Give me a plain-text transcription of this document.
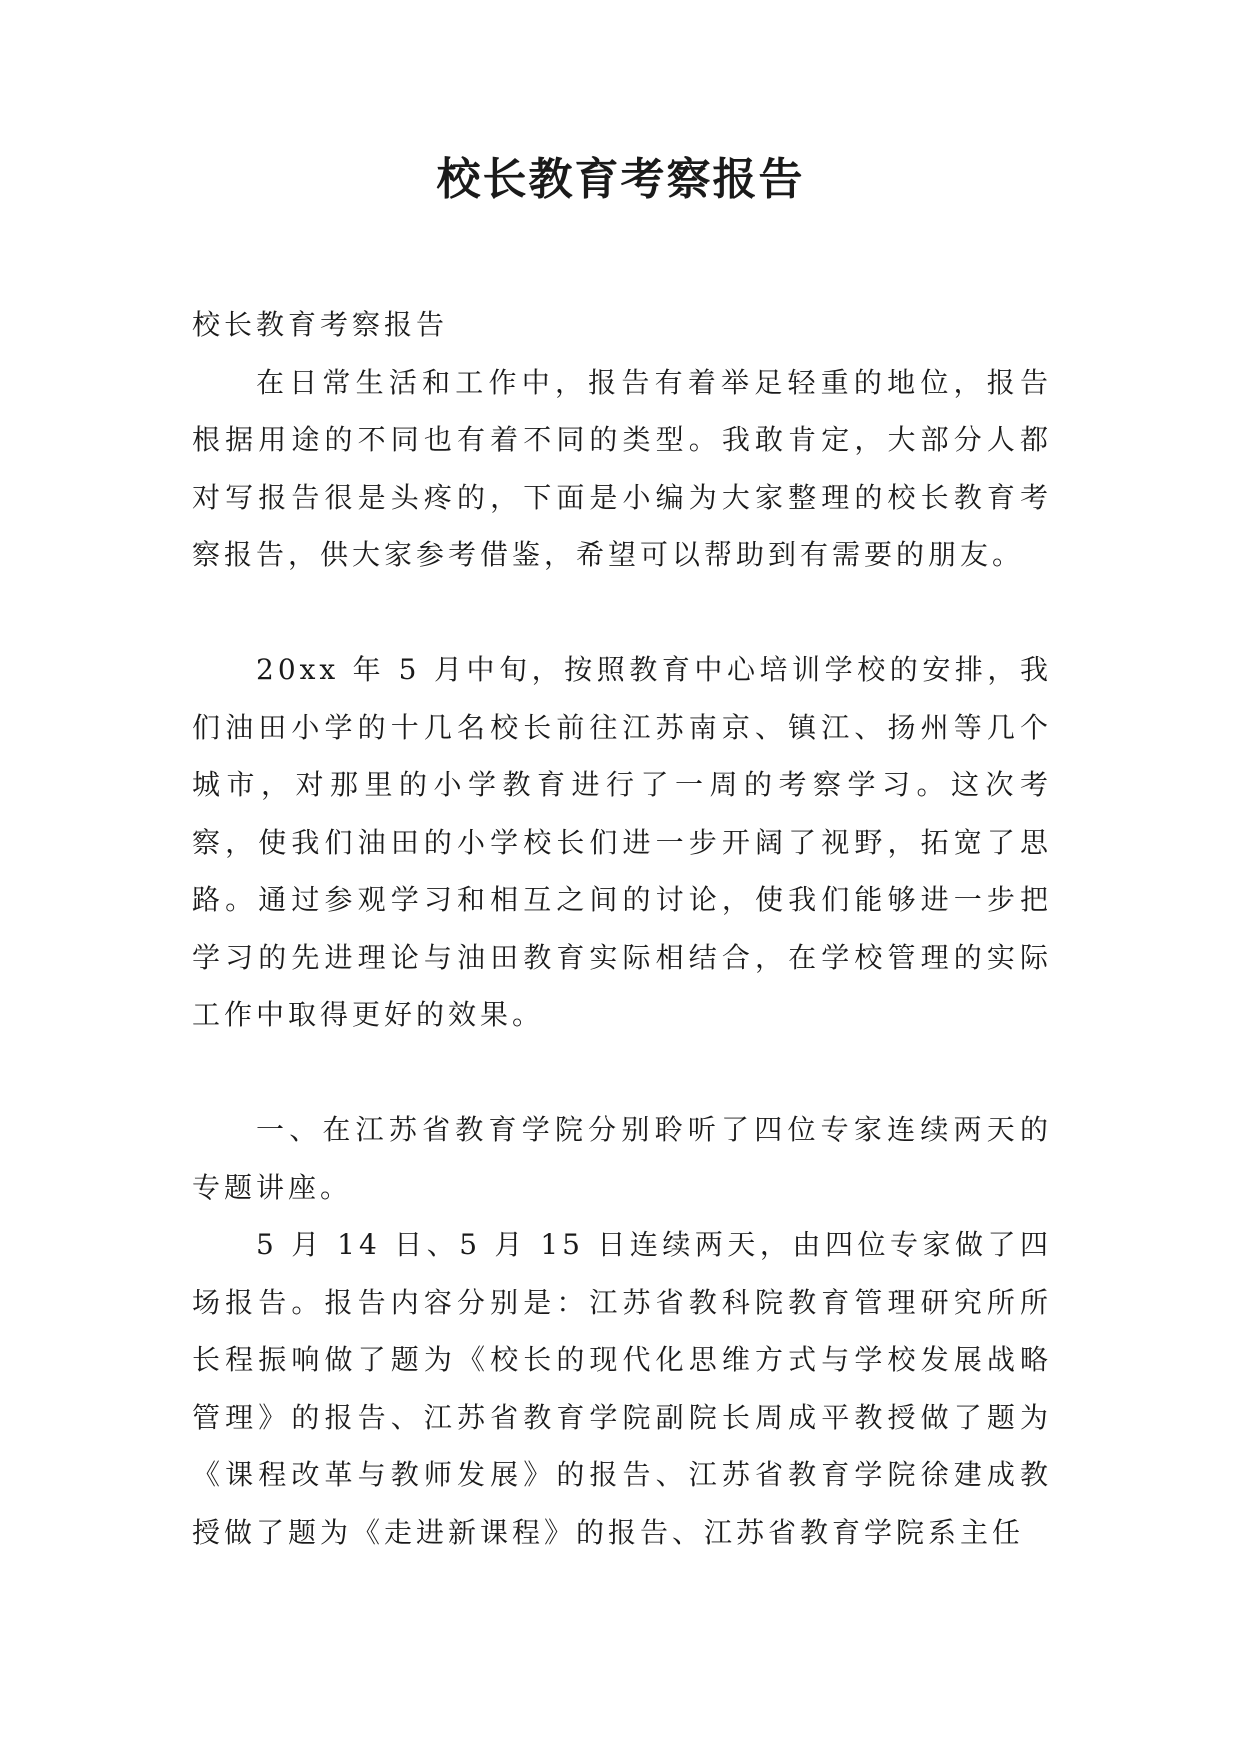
校长教育考察报告

校长教育考察报告

在日常生活和工作中，报告有着举足轻重的地位，报告根据用途的不同也有着不同的类型。我敢肯定，大部分人都对写报告很是头疼的，下面是小编为大家整理的校长教育考察报告，供大家参考借鉴，希望可以帮助到有需要的朋友。

20xx 年 5 月中旬，按照教育中心培训学校的安排，我们油田小学的十几名校长前往江苏南京、镇江、扬州等几个城市，对那里的小学教育进行了一周的考察学习。这次考察，使我们油田的小学校长们进一步开阔了视野，拓宽了思路。通过参观学习和相互之间的讨论，使我们能够进一步把学习的先进理论与油田教育实际相结合，在学校管理的实际工作中取得更好的效果。

一、在江苏省教育学院分别聆听了四位专家连续两天的专题讲座。

5 月 14 日、5 月 15 日连续两天，由四位专家做了四场报告。报告内容分别是：江苏省教科院教育管理研究所所长程振响做了题为《校长的现代化思维方式与学校发展战略管理》的报告、江苏省教育学院副院长周成平教授做了题为《课程改革与教师发展》的报告、江苏省教育学院徐建成教授做了题为《走进新课程》的报告、江苏省教育学院系主任
